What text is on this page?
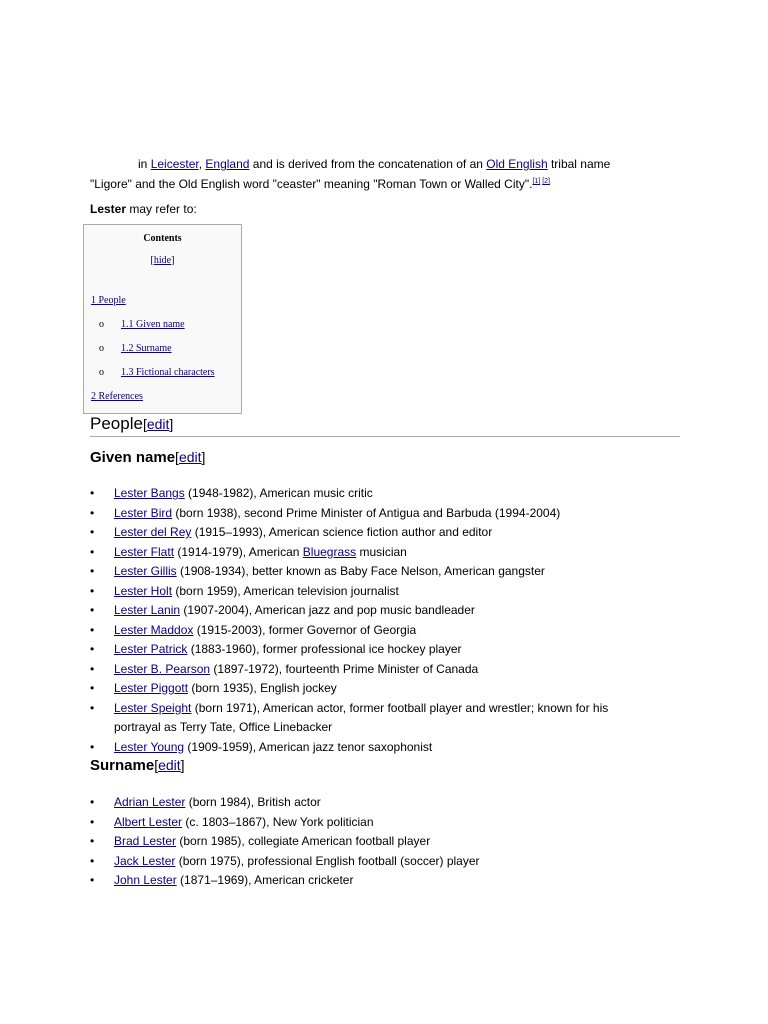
in Leicester, England and is derived from the concatenation of an Old English tribal name "Ligore" and the Old English word "ceaster" meaning "Roman Town or Walled City".[1] [2]
Lester may refer to:
Contents
[hide]
1 People
o 1.1 Given name
o 1.2 Surname
o 1.3 Fictional characters
2 References
People[edit]
Given name[edit]
• Lester Bangs (1948-1982), American music critic
• Lester Bird (born 1938), second Prime Minister of Antigua and Barbuda (1994-2004)
• Lester del Rey (1915–1993), American science fiction author and editor
• Lester Flatt (1914-1979), American Bluegrass musician
• Lester Gillis (1908-1934), better known as Baby Face Nelson, American gangster
• Lester Holt (born 1959), American television journalist
• Lester Lanin (1907-2004), American jazz and pop music bandleader
• Lester Maddox (1915-2003), former Governor of Georgia
• Lester Patrick (1883-1960), former professional ice hockey player
• Lester B. Pearson (1897-1972), fourteenth Prime Minister of Canada
• Lester Piggott (born 1935), English jockey
• Lester Speight (born 1971), American actor, former football player and wrestler; known for his portrayal as Terry Tate, Office Linebacker
• Lester Young (1909-1959), American jazz tenor saxophonist
Surname[edit]
• Adrian Lester (born 1984), British actor
• Albert Lester (c. 1803–1867), New York politician
• Brad Lester (born 1985), collegiate American football player
• Jack Lester (born 1975), professional English football (soccer) player
• John Lester (1871–1969), American cricketer
